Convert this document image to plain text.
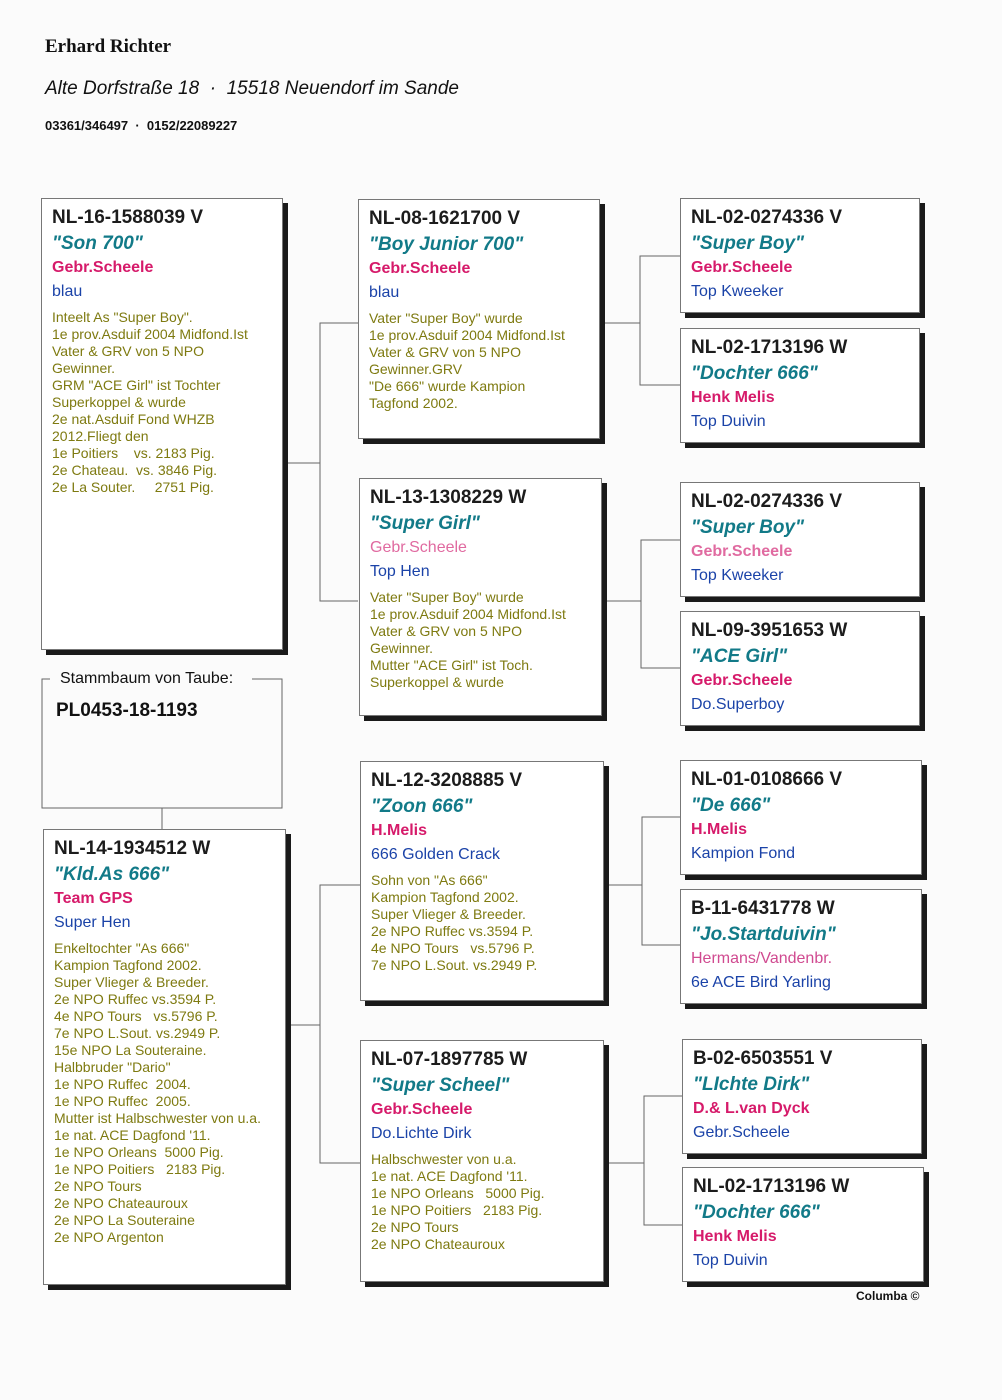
Erhard Richter
Alte Dorfstraße 18  ·  15518 Neuendorf im Sande
03361/346497  ·  0152/22089227
Stammbaum von Taube:
PL0453-18-1193
NL-16-1588039 V
"Son 700"
Gebr.Scheele
blau
Inteelt As "Super Boy".
1e prov.Asduif 2004 Midfond.Ist
Vater & GRV von 5 NPO
Gewinner.
GRM "ACE Girl" ist Tochter
Superkoppel & wurde
2e nat.Asduif Fond WHZB
2012.Fliegt den
1e Poitiers    vs. 2183 Pig.
2e Chateau.  vs. 3846 Pig.
2e La Souter.     2751 Pig.
NL-14-1934512 W
"Kld.As 666"
Team GPS
Super Hen
Enkeltochter "As 666"
Kampion Tagfond 2002.
Super Vlieger & Breeder.
2e NPO Ruffec vs.3594 P.
4e NPO Tours   vs.5796 P.
7e NPO L.Sout. vs.2949 P.
15e NPO La Souteraine.
Halbbruder "Dario"
1e NPO Ruffec  2004.
1e NPO Ruffec  2005.
Mutter ist Halbschwester von u.a.
1e nat. ACE Dagfond '11.
1e NPO Orleans  5000 Pig.
1e NPO Poitiers   2183 Pig.
2e NPO Tours
2e NPO Chateauroux
2e NPO La Souteraine
2e NPO Argenton
NL-08-1621700 V
"Boy Junior 700"
Gebr.Scheele
blau
Vater "Super Boy" wurde
1e prov.Asduif 2004 Midfond.Ist
Vater & GRV von 5 NPO
Gewinner.GRV
"De 666" wurde Kampion
Tagfond 2002.
NL-13-1308229 W
"Super Girl"
Gebr.Scheele
Top Hen
Vater "Super Boy" wurde
1e prov.Asduif 2004 Midfond.Ist
Vater & GRV von 5 NPO
Gewinner.
Mutter "ACE Girl" ist Toch.
Superkoppel & wurde
NL-12-3208885 V
"Zoon 666"
H.Melis
666 Golden Crack
Sohn von "As 666"
Kampion Tagfond 2002.
Super Vlieger & Breeder.
2e NPO Ruffec vs.3594 P.
4e NPO Tours   vs.5796 P.
7e NPO L.Sout. vs.2949 P.
NL-07-1897785 W
"Super Scheel"
Gebr.Scheele
Do.Lichte Dirk
Halbschwester von u.a.
1e nat. ACE Dagfond '11.
1e NPO Orleans   5000 Pig.
1e NPO Poitiers   2183 Pig.
2e NPO Tours
2e NPO Chateauroux
NL-02-0274336 V
"Super Boy"
Gebr.Scheele
Top Kweeker
NL-02-1713196 W
"Dochter 666"
Henk Melis
Top Duivin
NL-02-0274336 V
"Super Boy"
Gebr.Scheele
Top Kweeker
NL-09-3951653 W
"ACE Girl"
Gebr.Scheele
Do.Superboy
NL-01-0108666 V
"De 666"
H.Melis
Kampion Fond
B-11-6431778 W
"Jo.Startduivin"
Hermans/Vandenbr.
6e ACE Bird Yarling
B-02-6503551 V
"LIchte Dirk"
D.& L.van Dyck
Gebr.Scheele
NL-02-1713196 W
"Dochter 666"
Henk Melis
Top Duivin
Columba ©
